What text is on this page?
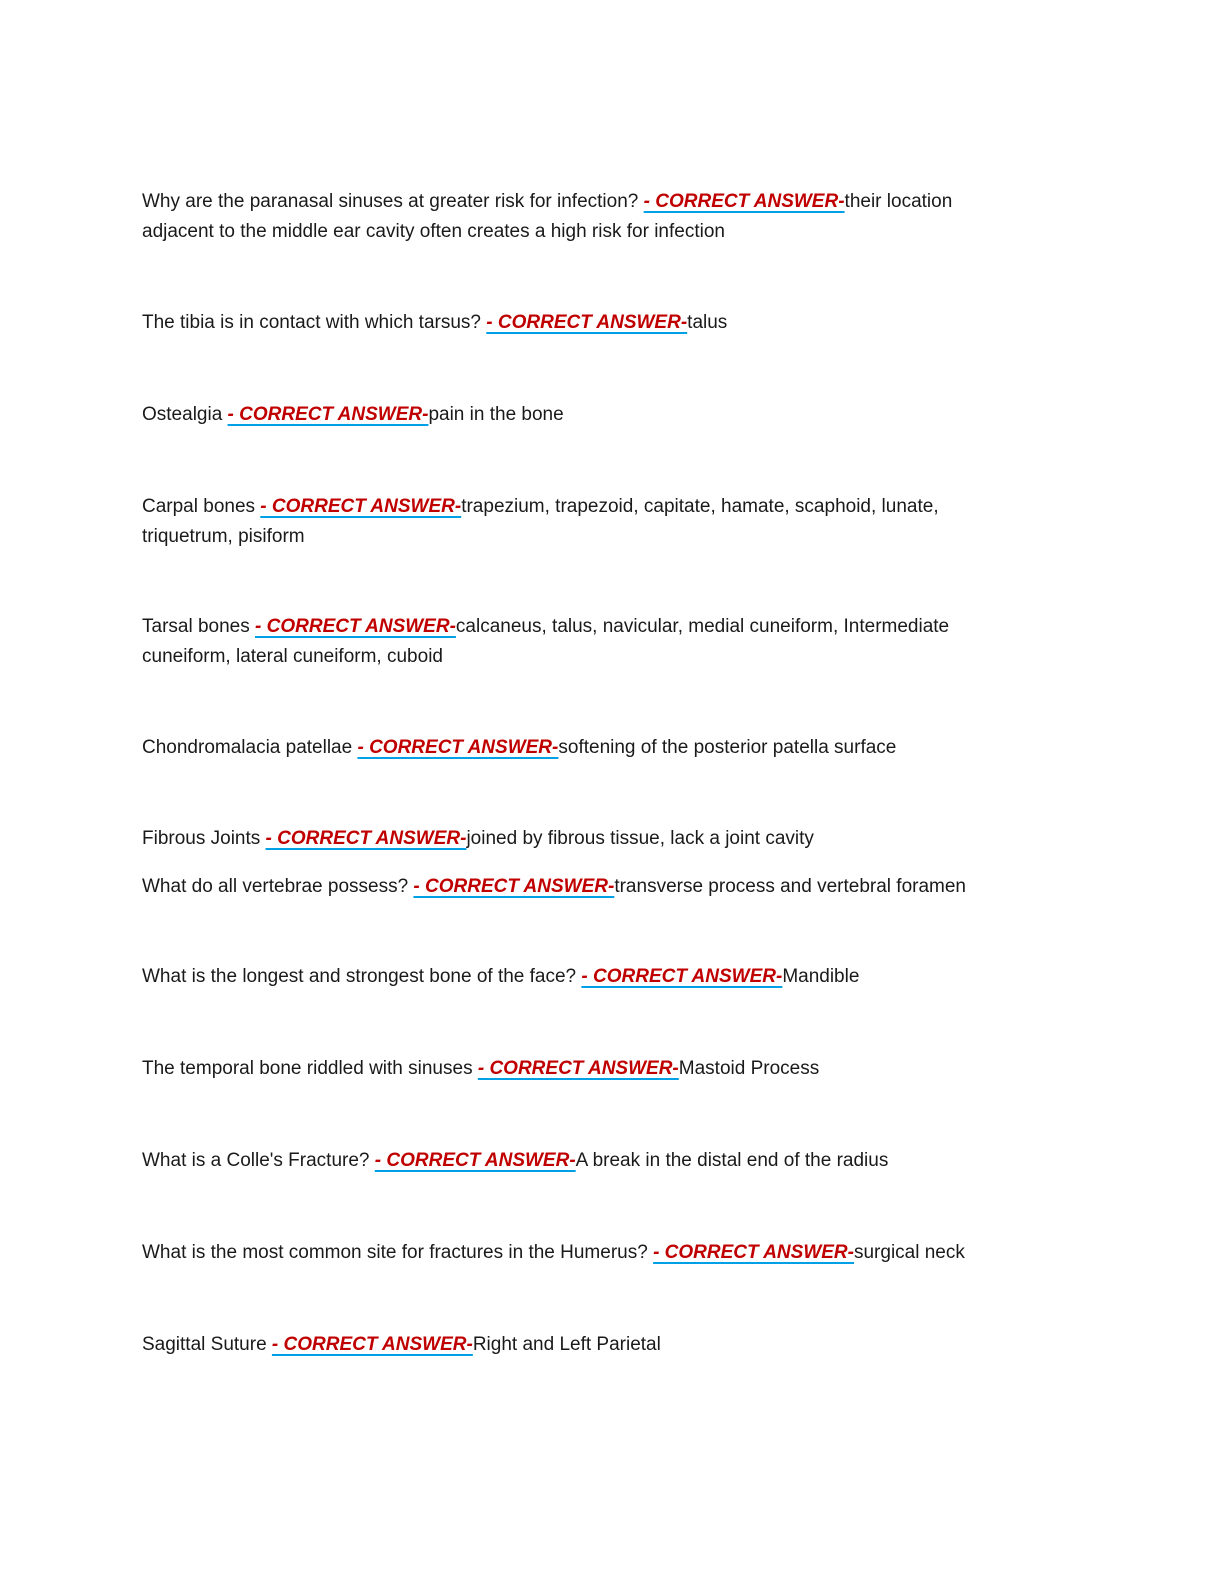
Why are the paranasal sinuses at greater risk for infection? - CORRECT ANSWER-their location adjacent to the middle ear cavity often creates a high risk for infection
The tibia is in contact with which tarsus? - CORRECT ANSWER-talus
Ostealgia - CORRECT ANSWER-pain in the bone
Carpal bones - CORRECT ANSWER-trapezium, trapezoid, capitate, hamate, scaphoid, lunate, triquetrum, pisiform
Tarsal bones - CORRECT ANSWER-calcaneus, talus, navicular, medial cuneiform, Intermediate cuneiform, lateral cuneiform, cuboid
Chondromalacia patellae - CORRECT ANSWER-softening of the posterior patella surface
Fibrous Joints - CORRECT ANSWER-joined by fibrous tissue, lack a joint cavity
What do all vertebrae possess? - CORRECT ANSWER-transverse process and vertebral foramen
What is the longest and strongest bone of the face? - CORRECT ANSWER-Mandible
The temporal bone riddled with sinuses - CORRECT ANSWER-Mastoid Process
What is a Colle's Fracture? - CORRECT ANSWER-A break in the distal end of the radius
What is the most common site for fractures in the Humerus? - CORRECT ANSWER-surgical neck
Sagittal Suture - CORRECT ANSWER-Right and Left Parietal
